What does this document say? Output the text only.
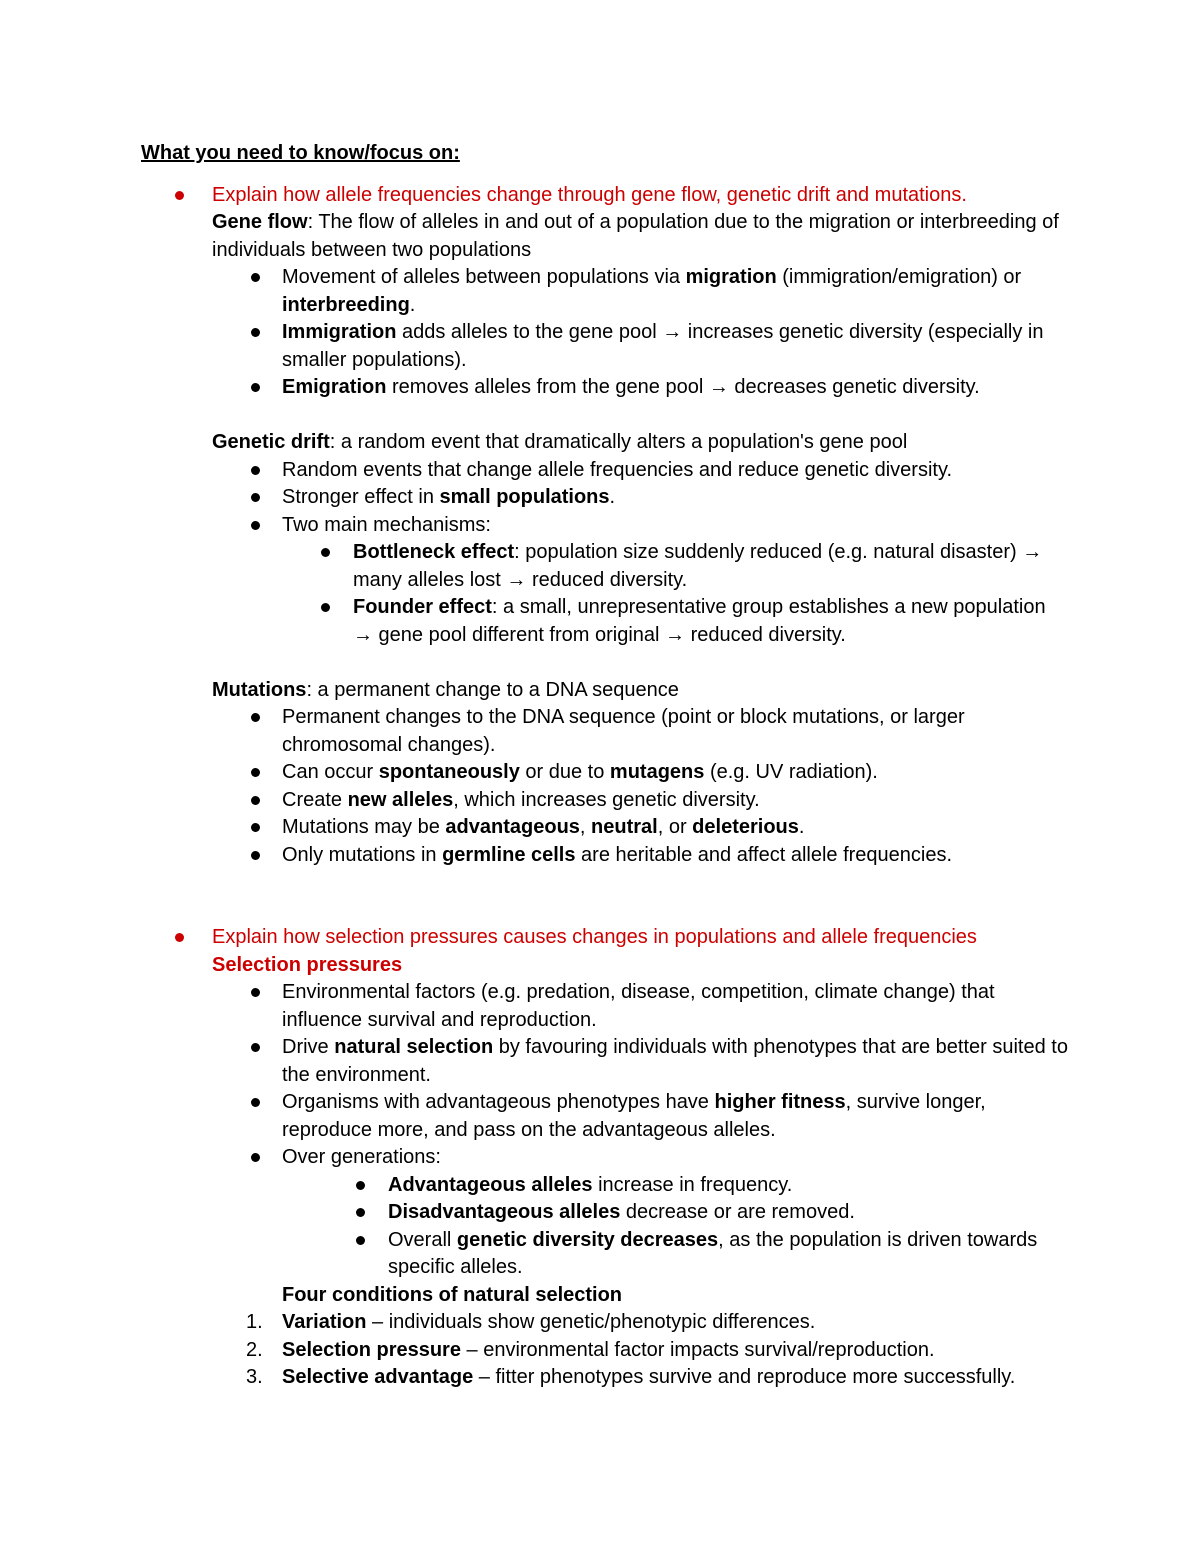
What you need to know/focus on:
Explain how allele frequencies change through gene flow, genetic drift and mutations.
Gene flow: The flow of alleles in and out of a population due to the migration or interbreeding of individuals between two populations
Movement of alleles between populations via migration (immigration/emigration) or interbreeding.
Immigration adds alleles to the gene pool → increases genetic diversity (especially in smaller populations).
Emigration removes alleles from the gene pool → decreases genetic diversity.
Genetic drift: a random event that dramatically alters a population's gene pool
Random events that change allele frequencies and reduce genetic diversity.
Stronger effect in small populations.
Two main mechanisms:
Bottleneck effect: population size suddenly reduced (e.g. natural disaster) → many alleles lost → reduced diversity.
Founder effect: a small, unrepresentative group establishes a new population → gene pool different from original → reduced diversity.
Mutations: a permanent change to a DNA sequence
Permanent changes to the DNA sequence (point or block mutations, or larger chromosomal changes).
Can occur spontaneously or due to mutagens (e.g. UV radiation).
Create new alleles, which increases genetic diversity.
Mutations may be advantageous, neutral, or deleterious.
Only mutations in germline cells are heritable and affect allele frequencies.
Explain how selection pressures causes changes in populations and allele frequencies
Selection pressures
Environmental factors (e.g. predation, disease, competition, climate change) that influence survival and reproduction.
Drive natural selection by favouring individuals with phenotypes that are better suited to the environment.
Organisms with advantageous phenotypes have higher fitness, survive longer, reproduce more, and pass on the advantageous alleles.
Over generations:
Advantageous alleles increase in frequency.
Disadvantageous alleles decrease or are removed.
Overall genetic diversity decreases, as the population is driven towards specific alleles.
Four conditions of natural selection
1. Variation – individuals show genetic/phenotypic differences.
2. Selection pressure – environmental factor impacts survival/reproduction.
3. Selective advantage – fitter phenotypes survive and reproduce more successfully.
